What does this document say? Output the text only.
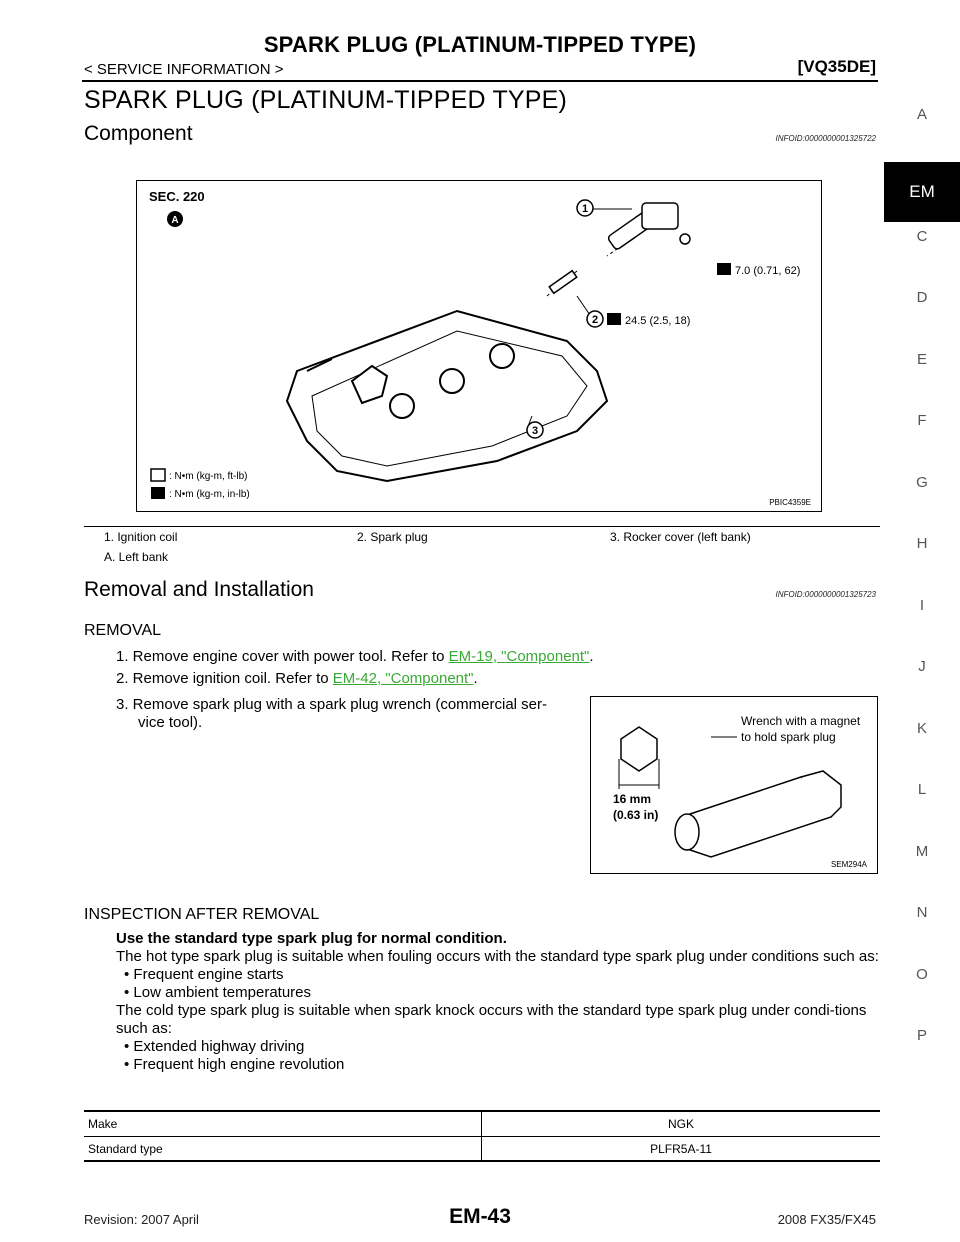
SPARK PLUG (PLATINUM-TIPPED TYPE)
< SERVICE INFORMATION >	[VQ35DE]
A
EM
C
D
E
F
G
H
I
J
K
L
M
N
O
P
SPARK PLUG (PLATINUM-TIPPED TYPE)
Component	INFOID:0000000001325722
SEC. 220
A
1
2
3
7.0 (0.71, 62)
24.5 (2.5, 18)
: N•m (kg-m, ft-lb)
: N•m (kg-m, in-lb)
PBIC4359E
1. Ignition coil	2. Spark plug	3. Rocker cover (left bank)
A. Left bank
Removal and Installation	INFOID:0000000001325723
REMOVAL
1. Remove engine cover with power tool. Refer to EM-19, "Component".
2. Remove ignition coil. Refer to EM-42, "Component".
3. Remove spark plug with a spark plug wrench (commercial ser-
vice tool).	Wrench with a magnet
to hold spark plug
16 mm
(0.63 in)
SEM294A
INSPECTION AFTER REMOVAL

Use the standard type spark plug for normal condition.

The hot type spark plug is suitable when fouling occurs with the standard type spark plug under conditions such as:

• Frequent engine starts

• Low ambient temperatures

The cold type spark plug is suitable when spark knock occurs with the standard type spark plug under condi-tions such as:

• Extended highway driving

• Frequent high engine revolution

Make	NGK
Standard type	PLFR5A-11
Revision: 2007 April	EM-43	2008 FX35/FX45
